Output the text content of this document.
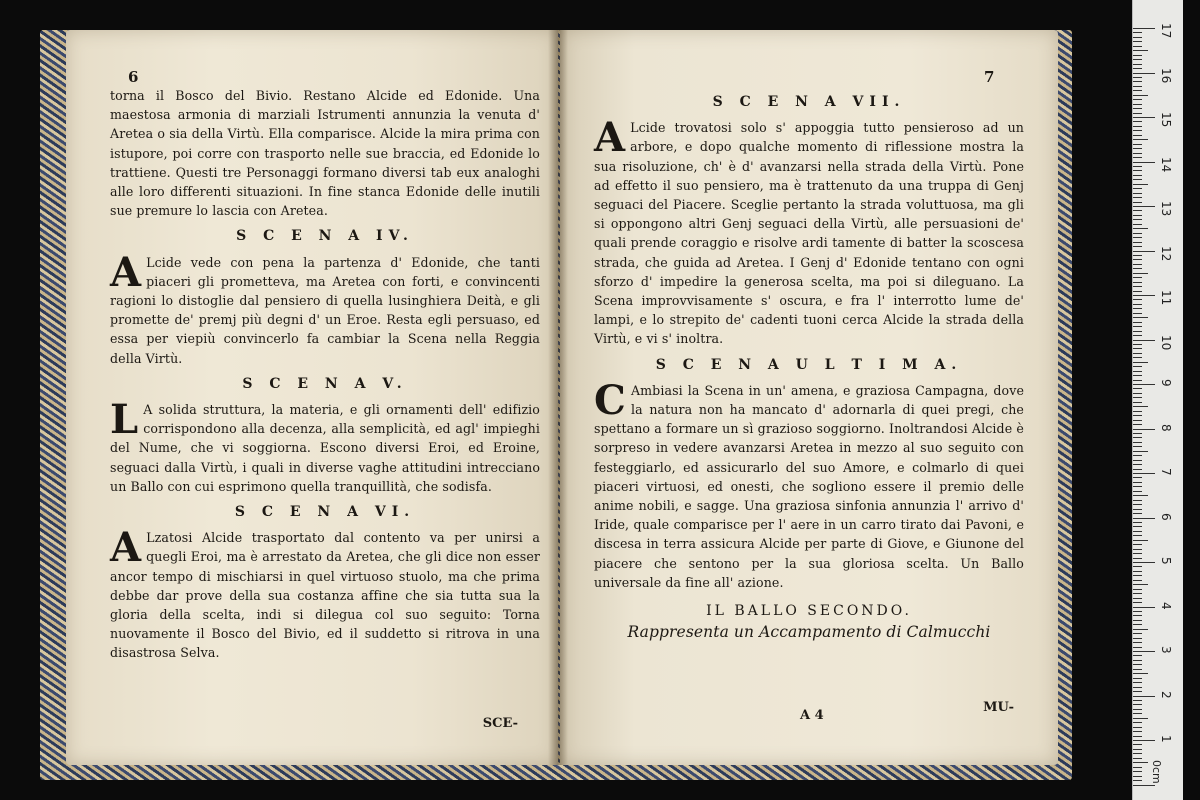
6

torna il Bosco del Bivio. Restano Alcide ed Edonide. Una maestosa armonia di marziali Istrumenti annunzia la venuta d' Aretea o sia della Virtù. Ella comparisce. Alcide la mira prima con istupore, poi corre con trasporto nelle sue braccia, ed Edonide lo trattiene. Questi tre Personaggi formano diversi tab eux analoghi alle loro differenti situazioni. In fine stanca Edonide delle inutili sue premure lo lascia con Aretea.

S C E N A IV.

A Lcide vede con pena la partenza d' Edonide, che tanti piaceri gli prometteva, ma Aretea con forti, e convincenti ragioni lo distoglie dal pensiero di quella lusinghiera Deità, e gli promette de' premj più degni d' un Eroe. Resta egli persuaso, ed essa per viepiù convincerlo fa cambiar la Scena nella Reggia della Virtù.

S C E N A V.

L A solida struttura, la materia, e gli ornamenti dell' edifizio corrispondono alla decenza, alla semplicità, ed agl' impieghi del Nume, che vi soggiorna. Escono diversi Eroi, ed Eroine, seguaci dalla Virtù, i quali in diverse vaghe attitudini intrecciano un Ballo con cui esprimono quella tranquillità, che sodisfa.

S C E N A VI.

A Lzatosi Alcide trasportato dal contento va per unirsi a quegli Eroi, ma è arrestato da Aretea, che gli dice non esser ancor tempo di mischiarsi in quel virtuoso stuolo, ma che prima debbe dar prove della sua costanza affine che sia tutta sua la gloria della scelta, indi si dilegua col suo seguito: Torna nuovamente il Bosco del Bivio, ed il suddetto si ritrova in una disastrosa Selva.

SCE-
7
S C E N A VII.

A Lcide trovatosi solo s' appoggia tutto pensieroso ad un arbore, e dopo qualche momento di riflessione mostra la sua risoluzione, ch' è d' avanzarsi nella strada della Virtù. Pone ad effetto il suo pensiero, ma è trattenuto da una truppa di Genj seguaci del Piacere. Sceglie pertanto la strada voluttuosa, ma gli si oppongono altri Genj seguaci della Virtù, alle persuasioni de' quali prende coraggio e risolve ardi tamente di batter la scoscesa strada, che guida ad Aretea. I Genj d' Edonide tentano con ogni sforzo d' impedire la generosa scelta, ma poi si dileguano. La Scena improvvisamente s' oscura, e fra l' interrotto lume de' lampi, e lo strepito de' cadenti tuoni cerca Alcide la strada della Virtù, e vi s' inoltra.

S C E N A U L T I M A.

C Ambiasi la Scena in un' amena, e graziosa Campagna, dove la natura non ha mancato d' adornarla di quei pregi, che spettano a formare un sì grazioso soggiorno. Inoltrandosi Alcide è sorpreso in vedere avanzarsi Aretea in mezzo al suo seguito con festeggiarlo, ed assicurarlo del suo Amore, e colmarlo di quei piaceri virtuosi, ed onesti, che sogliono essere il premio delle anime nobili, e sagge. Una graziosa sinfonia annunzia l' arrivo d' Iride, quale comparisce per l' aere in un carro tirato dai Pavoni, e discesa in terra assicura Alcide per parte di Giove, e Giunone del piacere che sentono per la sua gloriosa scelta. Un Ballo universale da fine all' azione.

IL BALLO SECONDO.

Rappresenta un Accampamento di Calmucchi

A 4
MU-
17
16
15
14
13
12
11
10
9
8
7
6
5
4
3
2
1
0cm
